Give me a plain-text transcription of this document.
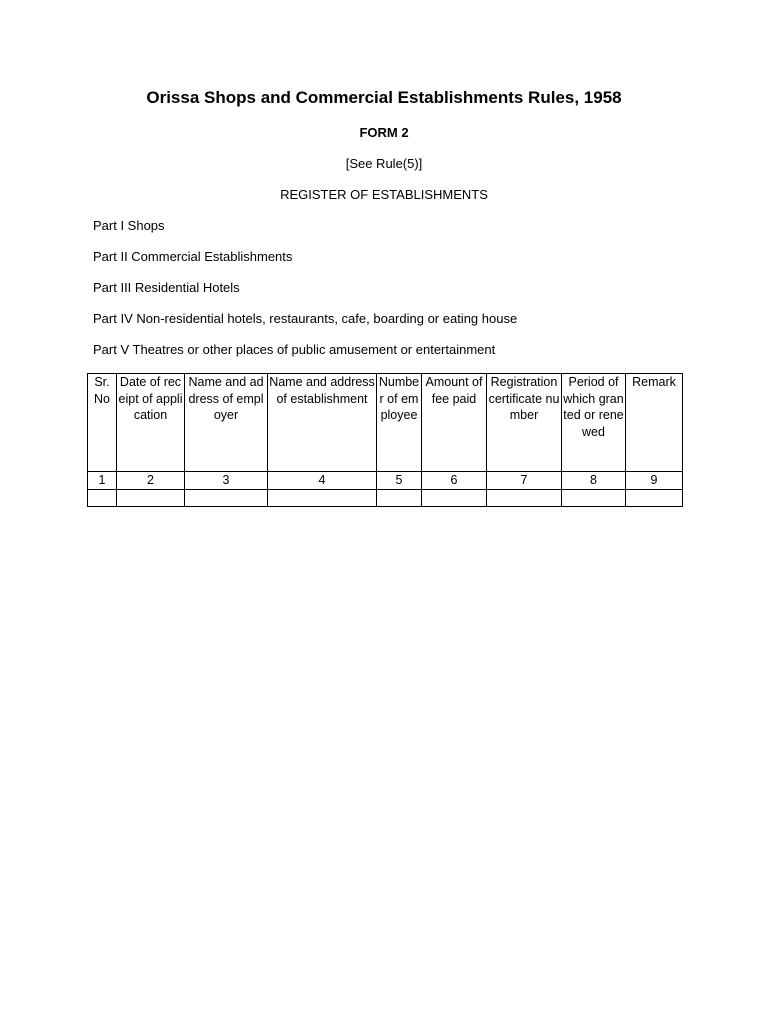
Orissa Shops and Commercial Establishments Rules, 1958
FORM 2
[See Rule(5)]
REGISTER OF ESTABLISHMENTS
Part I Shops
Part II Commercial Establishments
Part III Residential Hotels
Part IV Non-residential hotels, restaurants, cafe, boarding or eating house
Part V Theatres or other places of public amusement or entertainment
Sr. No	Date of receipt of application	Name and address of employer	Name and address of establishment	Number of employee	Amount of fee paid	Registration certificate number	Period of which granted or renewed	Remark
1	2	3	4	5	6	7	8	9
